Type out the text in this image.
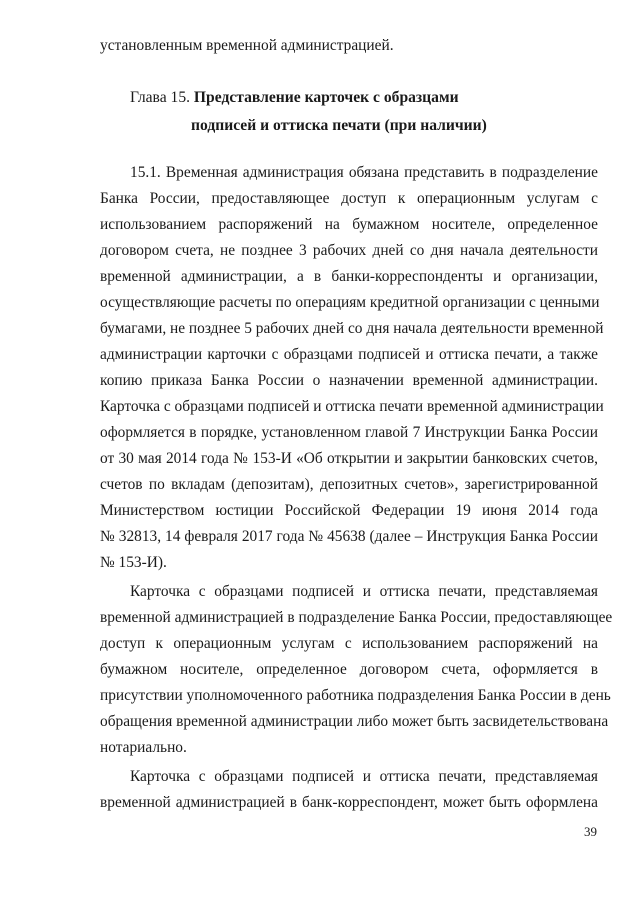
установленным временной администрацией.
Глава 15. Представление карточек с образцами
подписей и оттиска печати (при наличии)
15.1. Временная администрация обязана представить в подразделение
Банка России, предоставляющее доступ к операционным услугам с
использованием распоряжений на бумажном носителе, определенное
договором счета, не позднее 3 рабочих дней со дня начала деятельности
временной администрации, а в банки-корреспонденты и организации,
осуществляющие расчеты по операциям кредитной организации с ценными
бумагами, не позднее 5 рабочих дней со дня начала деятельности временной
администрации карточки с образцами подписей и оттиска печати, а также
копию приказа Банка России о назначении временной администрации.
Карточка с образцами подписей и оттиска печати временной администрации
оформляется в порядке, установленном главой 7 Инструкции Банка России
от 30 мая 2014 года № 153-И «Об открытии и закрытии банковских счетов,
счетов по вкладам (депозитам), депозитных счетов», зарегистрированной
Министерством юстиции Российской Федерации 19 июня 2014 года
№ 32813, 14 февраля 2017 года № 45638 (далее – Инструкция Банка России
№ 153-И).
Карточка с образцами подписей и оттиска печати, представляемая
временной администрацией в подразделение Банка России, предоставляющее
доступ к операционным услугам с использованием распоряжений на
бумажном носителе, определенное договором счета, оформляется в
присутствии уполномоченного работника подразделения Банка России в день
обращения временной администрации либо может быть засвидетельствована
нотариально.
Карточка с образцами подписей и оттиска печати, представляемая
временной администрацией в банк-корреспондент, может быть оформлена
39
